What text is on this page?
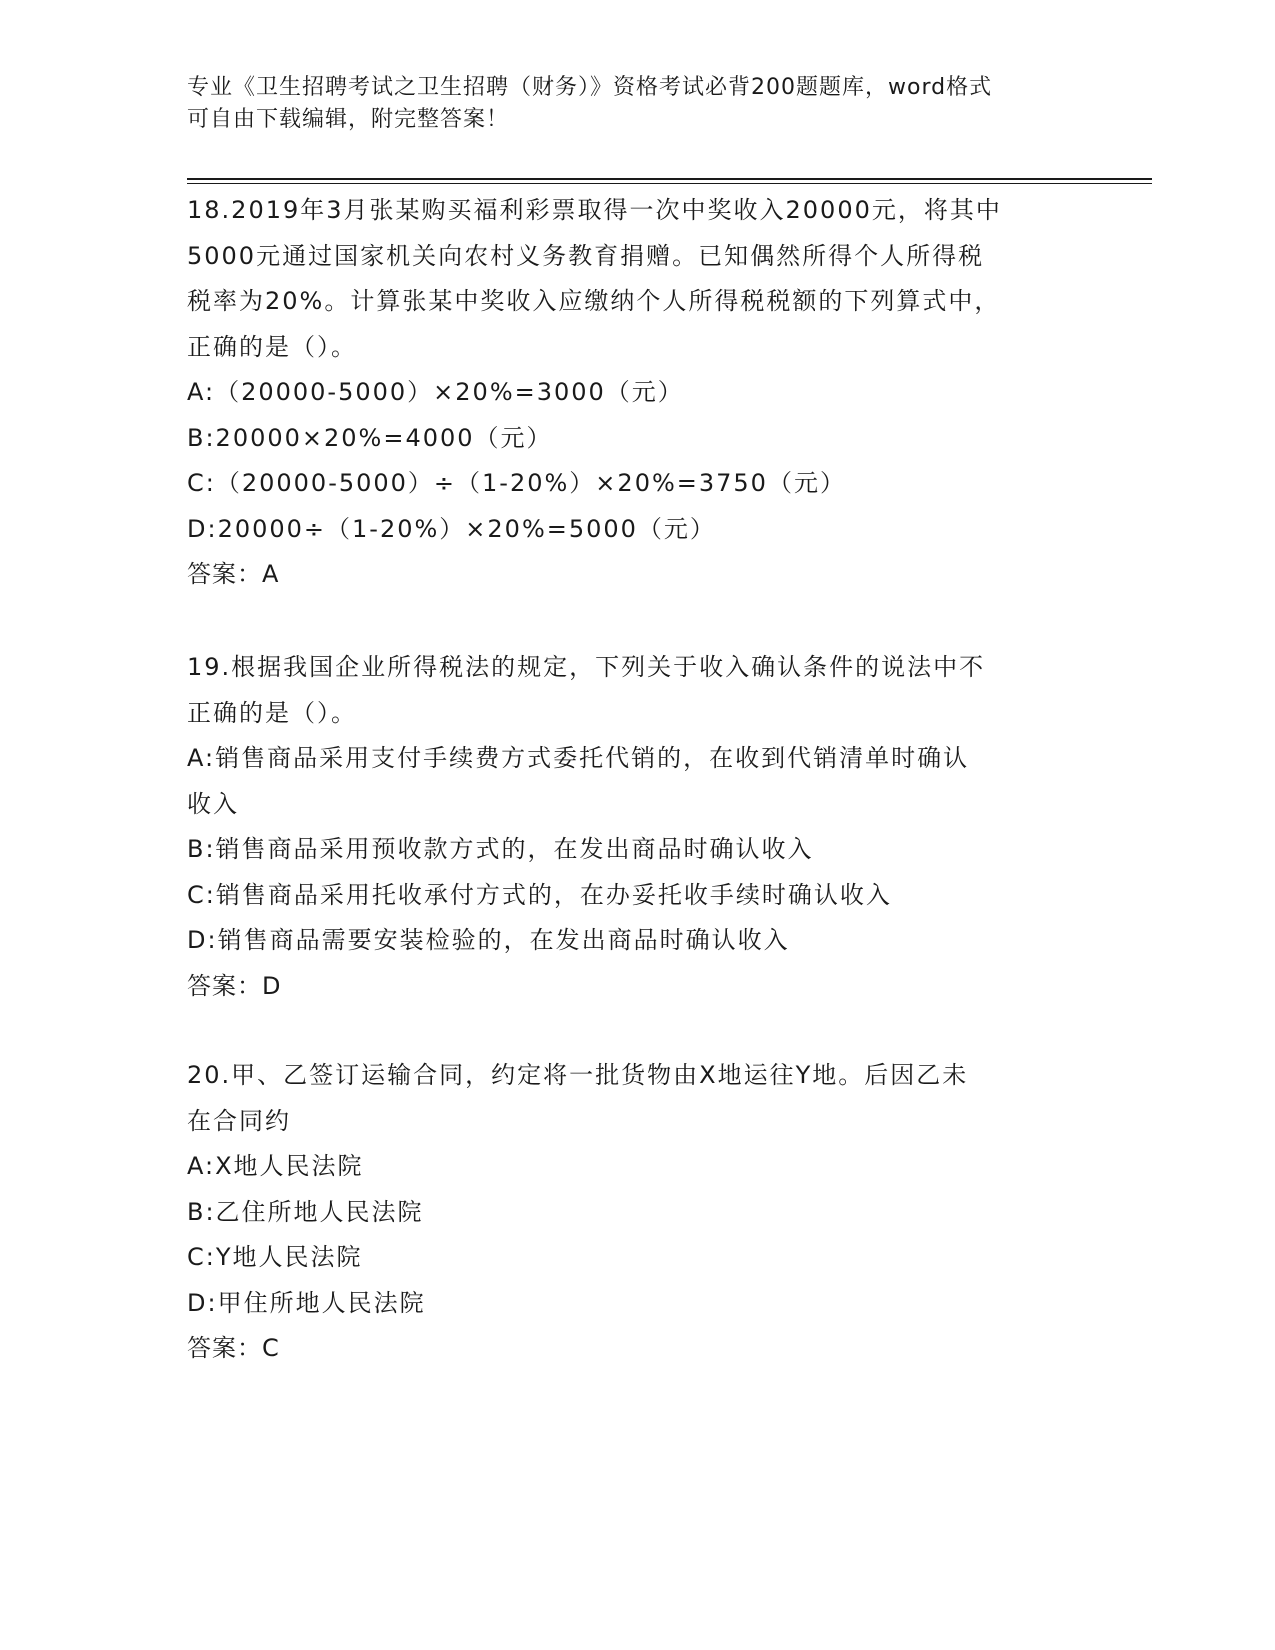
专业《卫生招聘考试之卫生招聘（财务）》资格考试必背200题题库，word格式
可自由下载编辑，附完整答案！
18.2019年3月张某购买福利彩票取得一次中奖收入20000元，将其中
5000元通过国家机关向农村义务教育捐赠。已知偶然所得个人所得税
税率为20%。计算张某中奖收入应缴纳个人所得税税额的下列算式中，
正确的是（）。
A:（20000-5000）×20%=3000（元）
B:20000×20%=4000（元）
C:（20000-5000）÷（1-20%）×20%=3750（元）
D:20000÷（1-20%）×20%=5000（元）
答案：A
19.根据我国企业所得税法的规定，下列关于收入确认条件的说法中不
正确的是（）。
A:销售商品采用支付手续费方式委托代销的，在收到代销清单时确认
收入
B:销售商品采用预收款方式的，在发出商品时确认收入
C:销售商品采用托收承付方式的，在办妥托收手续时确认收入
D:销售商品需要安装检验的，在发出商品时确认收入
答案：D
20.甲、乙签订运输合同，约定将一批货物由X地运往Y地。后因乙未
在合同约
A:X地人民法院
B:乙住所地人民法院
C:Y地人民法院
D:甲住所地人民法院
答案：C
